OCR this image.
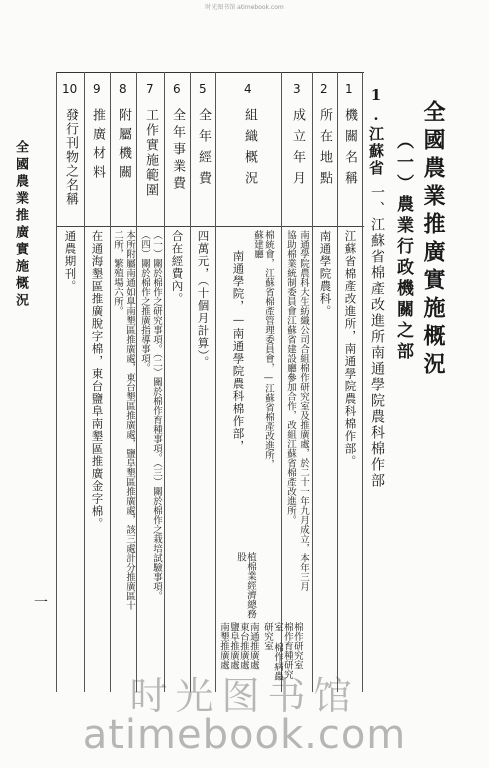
时光图书馆 atimebook.com
全國農業推廣實施概況
（一）農業行政機關之部
1.江蘇省
一、江蘇省棉產改進所南通學院農科棉作部
1
2
3
4
5
6
7
8
9
10
機關名稱
所在地點
成立年月
組織概況
全年經費
全年事業費
工作實施範圍
附屬機關
推廣材料
發行刊物之名稱
江蘇省棉產改進所，南通學院農科棉作部。
南通學院農科。
南通學院農科大生紡織公司合組棉作研究室及推廣處，於二十一年九月成立，本年三月
協助棉業統制委員會江蘇省建設廳參加合作，改組江蘇省棉產改進所。
棉統會，江蘇省棉產管理委員會，—江蘇省棉產改進所，
蘇建廳
南通學院，—南通學院農科棉作部，
植棉業經濟總務股
棉作研究室 棉作育種研究室 棉作病蟲研究室
南通推廣處 東台推廣處 鹽阜推廣處 南墾推廣處
四萬元，（十個月計算）。
合在經費內。
（一）關於棉作之研究事項。（二）關於棉作育種事項。（三）關於棉作之栽培試驗事項。
（四）關於棉作之推廣指導事項。
本所附屬南通如臯南墾區推廣處，東台墾區推廣處，鹽阜墾區推廣處，該三處計分推廣區十
二所，繁殖場六所。
在通海墾區推廣脫字棉，東台鹽阜南墾區推廣金字棉。
通農期刊。
全國農業推廣實施概況
一
时光图书馆
atimebook.com
